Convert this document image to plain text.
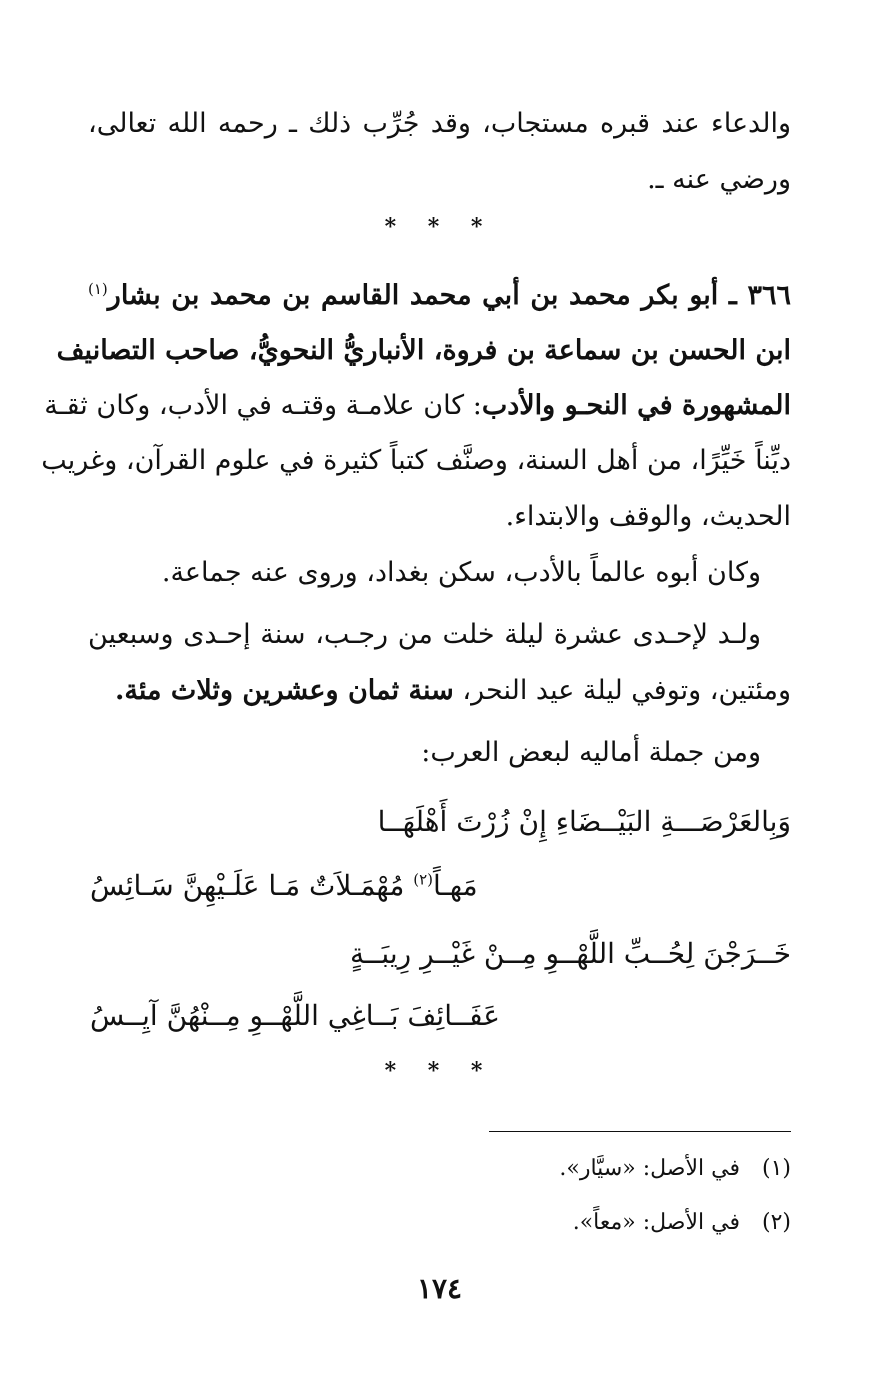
والدعاء عند قبره مستجاب، وقد جُرِّب ذلك ـ رحمه الله تعالى،
ورضي عنه ـ.
* * *
٣٦٦ ـ أبو بكر محمد بن أبي محمد القاسم بن محمد بن بشار$^{(١)}$
ابن الحسن بن سماعة بن فروة، الأنباريُّ النحويُّ، صاحب التصانيف
المشهورة في النحـو والأدب: كان علامـة وقتـه في الأدب، وكان ثقـة
ديِّناً خَيِّرًا، من أهل السنة، وصنَّف كتباً كثيرة في علوم القرآن، وغريب
الحديث، والوقف والابتداء.
وكان أبوه عالماً بالأدب، سكن بغداد، وروى عنه جماعة.
ولـد لإحـدى عشرة ليلة خلت من رجـب، سنة إحـدى وسبعين
ومئتين، وتوفي ليلة عيد النحر، سنة ثمان وعشرين وثلاث مئة.
ومن جملة أماليه لبعض العرب:
وَبِالعَرْصَـــةِ البَيْــضَاءِ إِنْ زُرْتَ أَهْلَهَــا
مَهـاً$^{(٢)}$ مُهْمَـلاَتٌ مَـا عَلَـيْهِنَّ سَـائِسُ
خَــرَجْنَ لِحُــبِّ اللَّهْــوِ مِــنْ غَيْــرِ رِيبَــةٍ
عَفَــائِفَ بَــاغِي اللَّهْــوِ مِــنْهُنَّ آيِــسُ
* * *
(١)في الأصل: «سيَّار».
(٢)في الأصل: «معاً».
١٧٤
